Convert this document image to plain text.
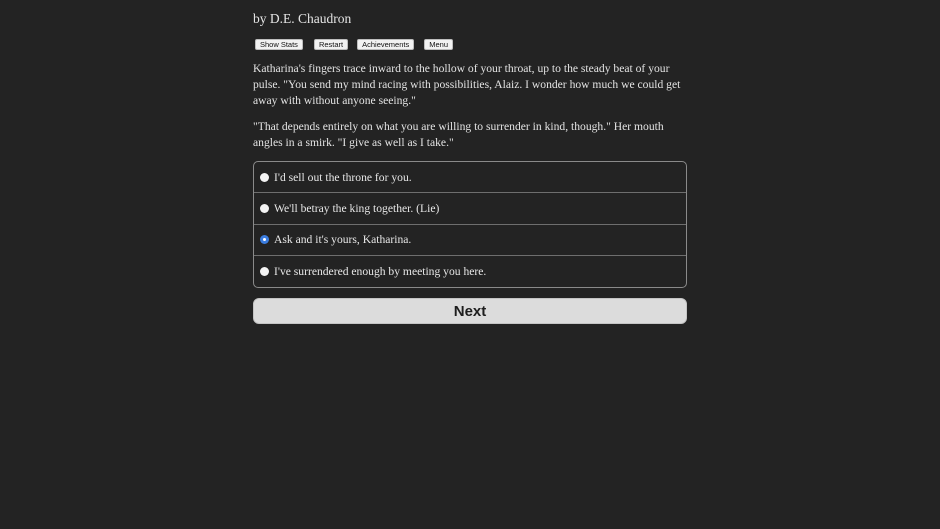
by D.E. Chaudron
Show Stats	Restart	Achievements	Menu

Katharina's fingers trace inward to the hollow of your throat, up to the steady beat of your pulse. "You send my mind racing with possibilities, Alaiz. I wonder how much we could get away with without anyone seeing."

"That depends entirely on what you are willing to surrender in kind, though." Her mouth angles in a smirk. "I give as well as I take."

I'd sell out the throne for you.
We'll betray the king together. (Lie)
Ask and it's yours, Katharina.
I've surrendered enough by meeting you here.
Next
